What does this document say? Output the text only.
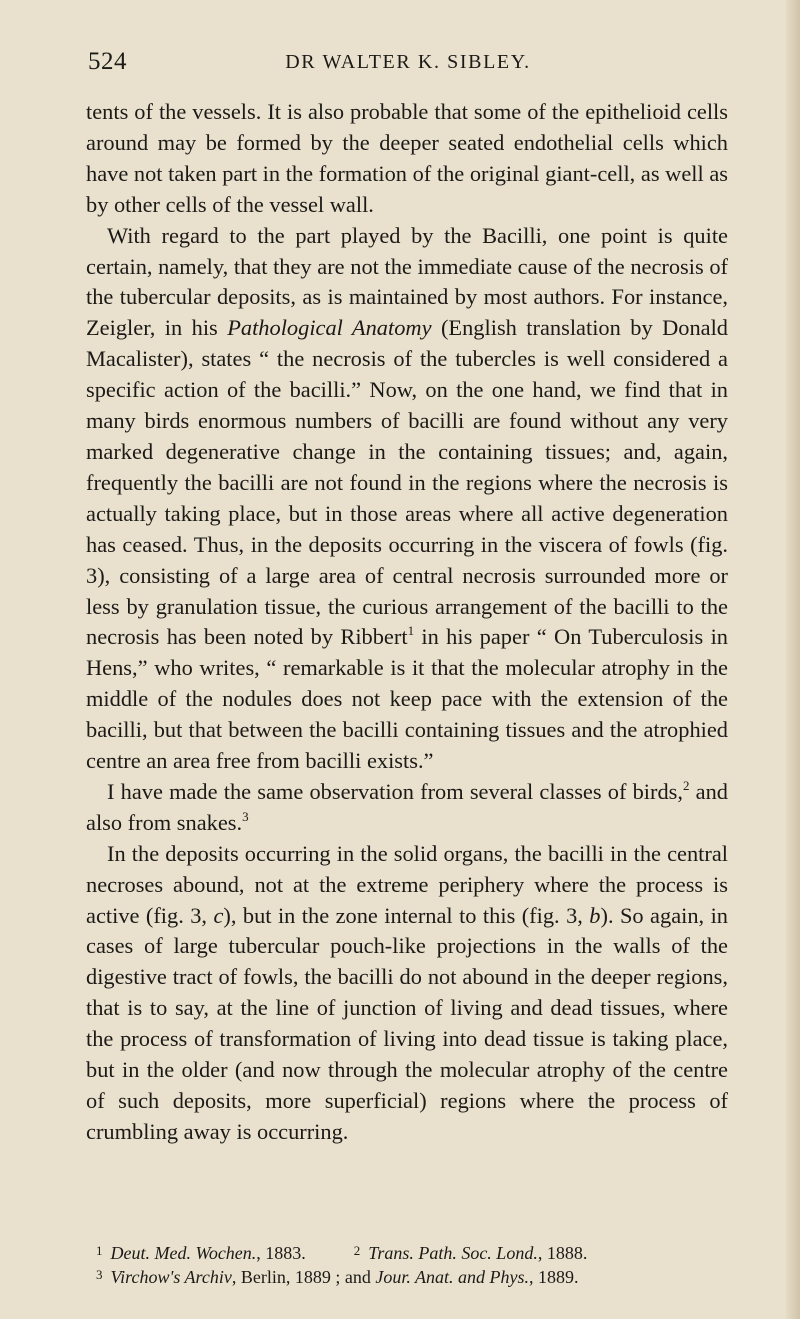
524	DR WALTER K. SIBLEY.

tents of the vessels. It is also probable that some of the epithelioid cells around may be formed by the deeper seated endothelial cells which have not taken part in the formation of the original giant-cell, as well as by other cells of the vessel wall.

With regard to the part played by the Bacilli, one point is quite certain, namely, that they are not the immediate cause of the necrosis of the tubercular deposits, as is maintained by most authors. For instance, Zeigler, in his Pathological Anatomy (English translation by Donald Macalister), states “ the necrosis of the tubercles is well considered a specific action of the bacilli.” Now, on the one hand, we find that in many birds enormous numbers of bacilli are found without any very marked degenerative change in the containing tissues; and, again, frequently the bacilli are not found in the regions where the necrosis is actually taking place, but in those areas where all active degeneration has ceased. Thus, in the deposits occurring in the viscera of fowls (fig. 3), consisting of a large area of central necrosis surrounded more or less by granulation tissue, the curious arrangement of the bacilli to the necrosis has been noted by Ribbert$^1$ in his paper “ On Tuberculosis in Hens,” who writes, “ remarkable is it that the molecular atrophy in the middle of the nodules does not keep pace with the extension of the bacilli, but that between the bacilli containing tissues and the atrophied centre an area free from bacilli exists.”

I have made the same observation from several classes of birds,$^2$ and also from snakes.$^3$

In the deposits occurring in the solid organs, the bacilli in the central necroses abound, not at the extreme periphery where the process is active (fig. 3, c), but in the zone internal to this (fig. 3, b). So again, in cases of large tubercular pouch-like projections in the walls of the digestive tract of fowls, the bacilli do not abound in the deeper regions, that is to say, at the line of junction of living and dead tissues, where the process of transformation of living into dead tissue is taking place, but in the older (and now through the molecular atrophy of the centre of such deposits, more superficial) regions where the process of crumbling away is occurring.

$^1$ Deut. Med. Wochen., 1883.	$^2$ Trans. Path. Soc. Lond., 1888.
$^3$ Virchow's Archiv, Berlin, 1889 ; and Jour. Anat. and Phys., 1889.
